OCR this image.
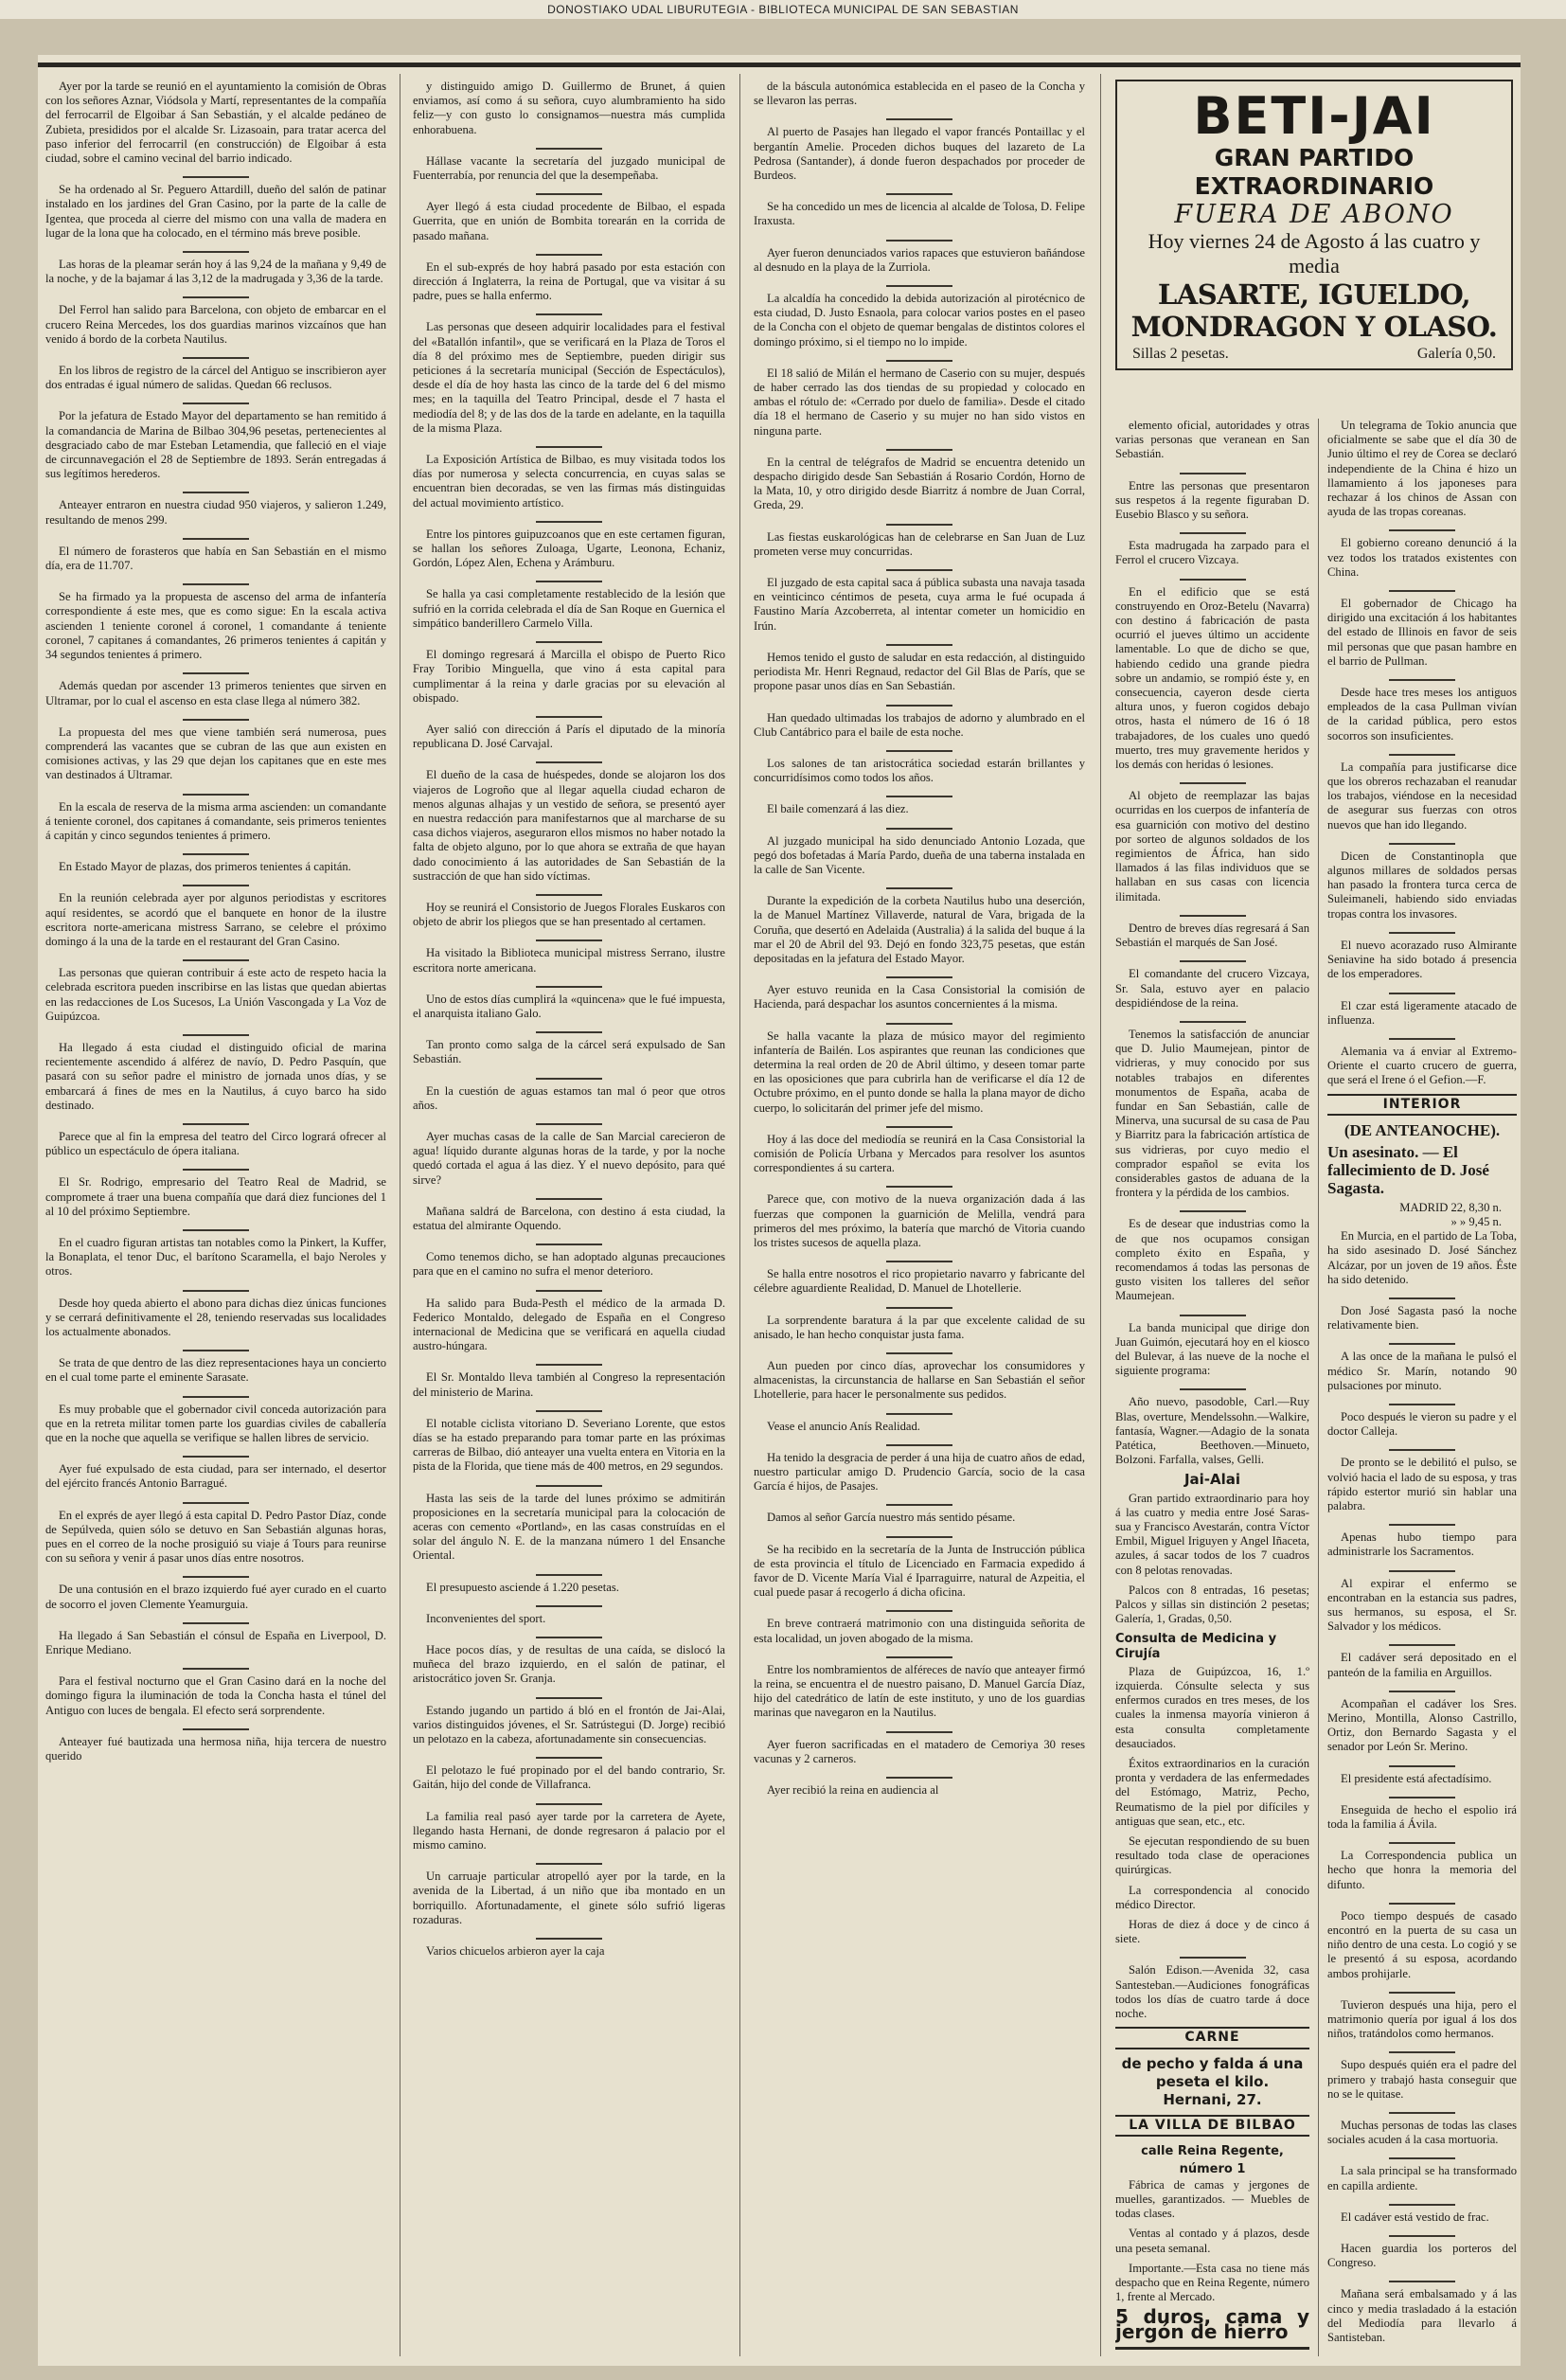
DONOSTIAKO UDAL LIBURUTEGIA - BIBLIOTECA MUNICIPAL DE SAN SEBASTIAN

Ayer por la tarde se reunió en el ayuntamiento la comisión de Obras con los señores Aznar, Viódsola y Martí, representantes de la compañía del ferrocarril de Elgoibar á San Sebastián, y el alcalde pedáneo de Zubieta, presididos por el alcalde Sr. Lizasoain, para tratar acerca del paso inferior del ferrocarril (en construcción) de Elgoibar á esta ciudad, sobre el camino vecinal del barrio indicado.

Se ha ordenado al Sr. Peguero Attardill, dueño del salón de patinar instalado en los jardines del Gran Casino, por la parte de la calle de Igentea, que proceda al cierre del mismo con una valla de madera en lugar de la lona que ha colocado, en el término más breve posible.

Las horas de la pleamar serán hoy á las 9,24 de la mañana y 9,49 de la noche, y de la bajamar á las 3,12 de la madrugada y 3,36 de la tarde.

Del Ferrol han salido para Barcelona, con objeto de embarcar en el crucero Reina Mercedes, los dos guardias marinos vizcaínos que han venido á bordo de la corbeta Nautilus.

En los libros de registro de la cárcel del Antiguo se inscribieron ayer dos entradas é igual número de salidas. Quedan 66 reclusos.

Por la jefatura de Estado Mayor del departamento se han remitido á la comandancia de Marina de Bilbao 304,96 pesetas, pertenecientes al desgraciado cabo de mar Esteban Letamendia, que falleció en el viaje de circunnavegación el 28 de Septiembre de 1893. Serán entregadas á sus legítimos herederos.

Anteayer entraron en nuestra ciudad 950 viajeros, y salieron 1.249, resultando de menos 299.

El número de forasteros que había en San Sebastián en el mismo día, era de 11.707.

Se ha firmado ya la propuesta de ascenso del arma de infantería correspondiente á este mes, que es como sigue: En la escala activa ascienden 1 teniente coronel á coronel, 1 comandante á teniente coronel, 7 capitanes á comandantes, 26 primeros tenientes á capitán y 34 segundos tenientes á primero.

Además quedan por ascender 13 primeros tenientes que sirven en Ultramar, por lo cual el ascenso en esta clase llega al número 382.

La propuesta del mes que viene también será numerosa, pues comprenderá las vacantes que se cubran de las que aun existen en comisiones activas, y las 29 que dejan los capitanes que en este mes van destinados á Ultramar.

En la escala de reserva de la misma arma ascienden: un comandante á teniente coronel, dos capitanes á comandante, seis primeros tenientes á capitán y cinco segundos tenientes á primero.

En Estado Mayor de plazas, dos primeros tenientes á capitán.

En la reunión celebrada ayer por algunos periodistas y escritores aquí residentes, se acordó que el banquete en honor de la ilustre escritora norte-americana mistress Sarrano, se celebre el próximo domingo á la una de la tarde en el restaurant del Gran Casino.

Las personas que quieran contribuir á este acto de respeto hacia la celebrada escritora pueden inscribirse en las listas que quedan abiertas en las redacciones de Los Sucesos, La Unión Vascongada y La Voz de Guipúzcoa.

Ha llegado á esta ciudad el distinguido oficial de marina recientemente ascendido á alférez de navío, D. Pedro Pasquín, que pasará con su señor padre el ministro de jornada unos días, y se embarcará á fines de mes en la Nautilus, á cuyo barco ha sido destinado.

Parece que al fin la empresa del teatro del Circo logrará ofrecer al público un espectáculo de ópera italiana.

El Sr. Rodrigo, empresario del Teatro Real de Madrid, se compromete á traer una buena compañía que dará diez funciones del 1 al 10 del próximo Septiembre.

En el cuadro figuran artistas tan notables como la Pinkert, la Kuffer, la Bonaplata, el tenor Duc, el barítono Scaramella, el bajo Neroles y otros.

Desde hoy queda abierto el abono para dichas diez únicas funciones y se cerrará definitivamente el 28, teniendo reservadas sus localidades los actualmente abonados.

Se trata de que dentro de las diez representaciones haya un concierto en el cual tome parte el eminente Sarasate.

Es muy probable que el gobernador civil conceda autorización para que en la retreta militar tomen parte los guardias civiles de caballería que en la noche que aquella se verifique se hallen libres de servicio.

Ayer fué expulsado de esta ciudad, para ser internado, el desertor del ejército francés Antonio Barragué.

En el exprés de ayer llegó á esta capital D. Pedro Pastor Díaz, conde de Sepúlveda, quien sólo se detuvo en San Sebastián algunas horas, pues en el correo de la noche prosiguió su viaje á Tours para reunirse con su señora y venir á pasar unos días entre nosotros.

De una contusión en el brazo izquierdo fué ayer curado en el cuarto de socorro el joven Clemente Yeamurguia.

Ha llegado á San Sebastián el cónsul de España en Liverpool, D. Enrique Mediano.

Para el festival nocturno que el Gran Casino dará en la noche del domingo figura la iluminación de toda la Concha hasta el túnel del Antiguo con luces de bengala. El efecto será sorprendente.

Anteayer fué bautizada una hermosa niña, hija tercera de nuestro querido

y distinguido amigo D. Guillermo de Brunet, á quien enviamos, así como á su señora, cuyo alumbramiento ha sido feliz—y con gusto lo consignamos—nuestra más cumplida enhorabuena.

Hállase vacante la secretaría del juzgado municipal de Fuenterrabía, por renuncia del que la desempeñaba.

Ayer llegó á esta ciudad procedente de Bilbao, el espada Guerrita, que en unión de Bombita torearán en la corrida de pasado mañana.

En el sub-exprés de hoy habrá pasado por esta estación con dirección á Inglaterra, la reina de Portugal, que va visitar á su padre, pues se halla enfermo.

Las personas que deseen adquirir localidades para el festival del «Batallón infantil», que se verificará en la Plaza de Toros el día 8 del próximo mes de Septiembre, pueden dirigir sus peticiones á la secretaría municipal (Sección de Espectáculos), desde el día de hoy hasta las cinco de la tarde del 6 del mismo mes; en la taquilla del Teatro Principal, desde el 7 hasta el mediodía del 8; y de las dos de la tarde en adelante, en la taquilla de la misma Plaza.

La Exposición Artística de Bilbao, es muy visitada todos los días por numerosa y selecta concurrencia, en cuyas salas se encuentran bien decoradas, se ven las firmas más distinguidas del actual movimiento artístico.

Entre los pintores guipuzcoanos que en este certamen figuran, se hallan los señores Zuloaga, Ugarte, Leonona, Echaniz, Gordón, López Alen, Echena y Arámburu.

Se halla ya casi completamente restablecido de la lesión que sufrió en la corrida celebrada el día de San Roque en Guernica el simpático banderillero Carmelo Villa.

El domingo regresará á Marcilla el obispo de Puerto Rico Fray Toribio Minguella, que vino á esta capital para cumplimentar á la reina y darle gracias por su elevación al obispado.

Ayer salió con dirección á París el diputado de la minoría republicana D. José Carvajal.

El dueño de la casa de huéspedes, donde se alojaron los dos viajeros de Logroño que al llegar aquella ciudad echaron de menos algunas alhajas y un vestido de señora, se presentó ayer en nuestra redacción para manifestarnos que al marcharse de su casa dichos viajeros, aseguraron ellos mismos no haber notado la falta de objeto alguno, por lo que ahora se extraña de que hayan dado conocimiento á las autoridades de San Sebastián de la sustracción de que han sido víctimas.

Hoy se reunirá el Consistorio de Juegos Florales Euskaros con objeto de abrir los pliegos que se han presentado al certamen.

Ha visitado la Biblioteca municipal mistress Serrano, ilustre escritora norte americana.

Uno de estos días cumplirá la «quincena» que le fué impuesta, el anarquista italiano Galo.

Tan pronto como salga de la cárcel será expulsado de San Sebastián.

En la cuestión de aguas estamos tan mal ó peor que otros años.

Ayer muchas casas de la calle de San Marcial carecieron de agua! líquido durante algunas horas de la tarde, y por la noche quedó cortada el agua á las diez. Y el nuevo depósito, para qué sirve?

Mañana saldrá de Barcelona, con destino á esta ciudad, la estatua del almirante Oquendo.

Como tenemos dicho, se han adoptado algunas precauciones para que en el camino no sufra el menor deterioro.

Ha salido para Buda-Pesth el médico de la armada D. Federico Montaldo, delegado de España en el Congreso internacional de Medicina que se verificará en aquella ciudad austro-húngara.

El Sr. Montaldo lleva también al Congreso la representación del ministerio de Marina.

El notable ciclista vitoriano D. Severiano Lorente, que estos días se ha estado preparando para tomar parte en las próximas carreras de Bilbao, dió anteayer una vuelta entera en Vitoria en la pista de la Florida, que tiene más de 400 metros, en 29 segundos.

Hasta las seis de la tarde del lunes próximo se admitirán proposiciones en la secretaría municipal para la colocación de aceras con cemento «Portland», en las casas construídas en el solar del ángulo N. E. de la manzana número 1 del Ensanche Oriental.

El presupuesto asciende á 1.220 pesetas.

Inconvenientes del sport.

Hace pocos días, y de resultas de una caída, se dislocó la muñeca del brazo izquierdo, en el salón de patinar, el aristocrático joven Sr. Granja.

Estando jugando un partido á bló en el frontón de Jai-Alai, varios distinguidos jóvenes, el Sr. Satrústegui (D. Jorge) recibió un pelotazo en la cabeza, afortunadamente sin consecuencias.

El pelotazo le fué propinado por el del bando contrario, Sr. Gaitán, hijo del conde de Villafranca.

La familia real pasó ayer tarde por la carretera de Ayete, llegando hasta Hernani, de donde regresaron á palacio por el mismo camino.

Un carruaje particular atropelló ayer por la tarde, en la avenida de la Libertad, á un niño que iba montado en un borriquillo. Afortunadamente, el ginete sólo sufrió ligeras rozaduras.

Varios chicuelos arbieron ayer la caja

de la báscula autonómica establecida en el paseo de la Concha y se llevaron las perras.

Al puerto de Pasajes han llegado el vapor francés Pontaillac y el bergantín Amelie. Proceden dichos buques del lazareto de La Pedrosa (Santander), á donde fueron despachados por proceder de Burdeos.

Se ha concedido un mes de licencia al alcalde de Tolosa, D. Felipe Iraxusta.

Ayer fueron denunciados varios rapaces que estuvieron bañándose al desnudo en la playa de la Zurriola.

La alcaldía ha concedido la debida autorización al pirotécnico de esta ciudad, D. Justo Esnaola, para colocar varios postes en el paseo de la Concha con el objeto de quemar bengalas de distintos colores el domingo próximo, si el tiempo no lo impide.

El 18 salió de Milán el hermano de Caserio con su mujer, después de haber cerrado las dos tiendas de su propiedad y colocado en ambas el rótulo de: «Cerrado por duelo de familia». Desde el citado día 18 el hermano de Caserio y su mujer no han sido vistos en ninguna parte.

En la central de telégrafos de Madrid se encuentra detenido un despacho dirigido desde San Sebastián á Rosario Cordón, Horno de la Mata, 10, y otro dirigido desde Biarritz á nombre de Juan Corral, Greda, 29.

Las fiestas euskarológicas han de celebrarse en San Juan de Luz prometen verse muy concurridas.

El juzgado de esta capital saca á pública subasta una navaja tasada en veinticinco céntimos de peseta, cuya arma le fué ocupada á Faustino María Azcoberreta, al intentar cometer un homicidio en Irún.

Hemos tenido el gusto de saludar en esta redacción, al distinguido periodista Mr. Henri Regnaud, redactor del Gil Blas de París, que se propone pasar unos días en San Sebastián.

Han quedado ultimadas los trabajos de adorno y alumbrado en el Club Cantábrico para el baile de esta noche.

Los salones de tan aristocrática sociedad estarán brillantes y concurridísimos como todos los años.

El baile comenzará á las diez.

Al juzgado municipal ha sido denunciado Antonio Lozada, que pegó dos bofetadas á María Pardo, dueña de una taberna instalada en la calle de San Vicente.

Durante la expedición de la corbeta Nautilus hubo una deserción, la de Manuel Martínez Villaverde, natural de Vara, brigada de la Coruña, que desertó en Adelaida (Australia) á la salida del buque á la mar el 20 de Abril del 93. Dejó en fondo 323,75 pesetas, que están depositadas en la jefatura del Estado Mayor.

Ayer estuvo reunida en la Casa Consistorial la comisión de Hacienda, pará despachar los asuntos concernientes á la misma.

Se halla vacante la plaza de músico mayor del regimiento infantería de Bailén. Los aspirantes que reunan las condiciones que determina la real orden de 20 de Abril último, y deseen tomar parte en las oposiciones que para cubrirla han de verificarse el día 12 de Octubre próximo, en el punto donde se halla la plana mayor de dicho cuerpo, lo solicitarán del primer jefe del mismo.

Hoy á las doce del mediodía se reunirá en la Casa Consistorial la comisión de Policía Urbana y Mercados para resolver los asuntos correspondientes á su cartera.

Parece que, con motivo de la nueva organización dada á las fuerzas que componen la guarnición de Melilla, vendrá para primeros del mes próximo, la batería que marchó de Vitoria cuando los tristes sucesos de aquella plaza.

Se halla entre nosotros el rico propietario navarro y fabricante del célebre aguardiente Realidad, D. Manuel de Lhotellerie.

La sorprendente baratura á la par que excelente calidad de su anisado, le han hecho conquistar justa fama.

Aun pueden por cinco días, aprovechar los consumidores y almacenistas, la circunstancia de hallarse en San Sebastián el señor Lhotellerie, para hacer le personalmente sus pedidos.

Vease el anuncio Anís Realidad.

Ha tenido la desgracia de perder á una hija de cuatro años de edad, nuestro particular amigo D. Prudencio García, socio de la casa García é hijos, de Pasajes.

Damos al señor García nuestro más sentido pésame.

Se ha recibido en la secretaría de la Junta de Instrucción pública de esta provincia el título de Licenciado en Farmacia expedido á favor de D. Vicente María Vial é Iparraguirre, natural de Azpeitia, el cual puede pasar á recogerlo á dicha oficina.

En breve contraerá matrimonio con una distinguida señorita de esta localidad, un joven abogado de la misma.

Entre los nombramientos de alféreces de navío que anteayer firmó la reina, se encuentra el de nuestro paisano, D. Manuel García Díaz, hijo del catedrático de latín de este instituto, y uno de los guardias marinas que navegaron en la Nautilus.

Ayer fueron sacrificadas en el matadero de Cemoriya 30 reses vacunas y 2 carneros.

Ayer recibió la reina en audiencia al

BETI-JAI
GRAN PARTIDO EXTRAORDINARIO
FUERA DE ABONO
Hoy viernes 24 de Agosto á las cuatro y media
LASARTE, IGUELDO, MONDRAGON Y OLASO.
Sillas 2 pesetas.	Galería 0,50.

elemento oficial, autoridades y otras varias personas que veranean en San Sebastián.

Entre las personas que presentaron sus respetos á la regente figuraban D. Eusebio Blasco y su señora.

Esta madrugada ha zarpado para el Ferrol el crucero Vizcaya.

En el edificio que se está construyendo en Oroz-Betelu (Navarra) con destino á fabricación de pasta ocurrió el jueves último un accidente lamentable. Lo que de dicho se que, habiendo cedido una grande piedra sobre un andamio, se rompió éste y, en consecuencia, cayeron desde cierta altura unos, y fueron cogidos debajo otros, hasta el número de 16 ó 18 trabajadores, de los cuales uno quedó muerto, tres muy gravemente heridos y los demás con heridas ó lesiones.

Al objeto de reemplazar las bajas ocurridas en los cuerpos de infantería de esa guarnición con motivo del destino por sorteo de algunos soldados de los regimientos de África, han sido llamados á las filas individuos que se hallaban en sus casas con licencia ilimitada.

Dentro de breves días regresará á San Sebastián el marqués de San José.

El comandante del crucero Vizcaya, Sr. Sala, estuvo ayer en palacio despidiéndose de la reina.

Tenemos la satisfacción de anunciar que D. Julio Maumejean, pintor de vidrieras, y muy conocido por sus notables trabajos en diferentes monumentos de España, acaba de fundar en San Sebastián, calle de Minerva, una sucursal de su casa de Pau y Biarritz para la fabricación artística de sus vidrieras, por cuyo medio el comprador español se evita los considerables gastos de aduana de la frontera y la pérdida de los cambios.

Es de desear que industrias como la de que nos ocupamos consigan completo éxito en España, y recomendamos á todas las personas de gusto visiten los talleres del señor Maumejean.

La banda municipal que dirige don Juan Guimón, ejecutará hoy en el kiosco del Bulevar, á las nueve de la noche el siguiente programa:

Año nuevo, pasodoble, Carl.—Ruy Blas, overture, Mendelssohn.—Walkire, fantasía, Wagner.—Adagio de la sonata Patética, Beethoven.—Minueto, Bolzoni. Farfalla, valses, Gelli.

Jai-Alai

Gran partido extraordinario para hoy á las cuatro y media entre José Saras-sua y Francisco Avestarán, contra Víctor Embil, Miguel Iriguyen y Angel Iñaceta, azules, á sacar todos de los 7 cuadros con 8 pelotas renovadas.

Palcos con 8 entradas, 16 pesetas; Palcos y sillas sin distinción 2 pesetas; Galería, 1, Gradas, 0,50.

Consulta de Medicina y Cirujía

Plaza de Guipúzcoa, 16, 1.º izquierda. Cónsulte selecta y sus enfermos curados en tres meses, de los cuales la inmensa mayoría vinieron á esta consulta completamente desauciados.

Éxitos extraordinarios en la curación pronta y verdadera de las enfermedades del Estómago, Matriz, Pecho, Reumatismo de la piel por difíciles y antiguas que sean, etc., etc.

Se ejecutan respondiendo de su buen resultado toda clase de operaciones quirúrgicas.

La correspondencia al conocido médico Director.

Horas de diez á doce y de cinco á siete.

Salón Edison.—Avenida 32, casa Santesteban.—Audiciones fonográficas todos los días de cuatro tarde á doce noche.

CARNE
de pecho y falda á una peseta el kilo.
Hernani, 27.
LA VILLA DE BILBAO
calle Reina Regente, número 1

Fábrica de camas y jergones de muelles, garantizados. — Muebles de todas clases.

Ventas al contado y á plazos, desde una peseta semanal.

Importante.—Esta casa no tiene más despacho que en Reina Regente, número 1, frente al Mercado.

5 duros, cama y jergón de hierro

Un telegrama de Tokio anuncia que oficialmente se sabe que el día 30 de Junio último el rey de Corea se declaró independiente de la China é hizo un llamamiento á los japoneses para rechazar á los chinos de Assan con ayuda de las tropas coreanas.

El gobierno coreano denunció á la vez todos los tratados existentes con China.

El gobernador de Chicago ha dirigido una excitación á los habitantes del estado de Illinois en favor de seis mil personas que que pasan hambre en el barrio de Pullman.

Desde hace tres meses los antiguos empleados de la casa Pullman vivían de la caridad pública, pero estos socorros son insuficientes.

La compañía para justificarse dice que los obreros rechazaban el reanudar los trabajos, viéndose en la necesidad de asegurar sus fuerzas con otros nuevos que han ido llegando.

Dicen de Constantinopla que algunos millares de soldados persas han pasado la frontera turca cerca de Suleimaneli, habiendo sido enviadas tropas contra los invasores.

El nuevo acorazado ruso Almirante Seniavine ha sido botado á presencia de los emperadores.

El czar está ligeramente atacado de influenza.

Alemania va á enviar al Extremo-Oriente el cuarto crucero de guerra, que será el Irene ó el Gefion.—F.

INTERIOR
(DE ANTEANOCHE).
Un asesinato. — El fallecimiento de D. José Sagasta.
MADRID 22, 8,30 n.
» » 9,45 n.

En Murcia, en el partido de La Toba, ha sido asesinado D. José Sánchez Alcázar, por un joven de 19 años. Éste ha sido detenido.

Don José Sagasta pasó la noche relativamente bien.

A las once de la mañana le pulsó el médico Sr. Marín, notando 90 pulsaciones por minuto.

Poco después le vieron su padre y el doctor Calleja.

De pronto se le debilitó el pulso, se volvió hacia el lado de su esposa, y tras rápido estertor murió sin hablar una palabra.

Apenas hubo tiempo para administrarle los Sacramentos.

Al expirar el enfermo se encontraban en la estancia sus padres, sus hermanos, su esposa, el Sr. Salvador y los médicos.

El cadáver será depositado en el panteón de la familia en Arguillos.

Acompañan el cadáver los Sres. Merino, Montilla, Alonso Castrillo, Ortiz, don Bernardo Sagasta y el senador por León Sr. Merino.

El presidente está afectadísimo.

Enseguida de hecho el espolio irá toda la familia á Ávila.

La Correspondencia publica un hecho que honra la memoria del difunto.

Poco tiempo después de casado encontró en la puerta de su casa un niño dentro de una cesta. Lo cogió y se le presentó á su esposa, acordando ambos prohijarle.

Tuvieron después una hija, pero el matrimonio quería por igual á los dos niños, tratándolos como hermanos.

Supo después quién era el padre del primero y trabajó hasta conseguir que no se le quitase.

Muchas personas de todas las clases sociales acuden á la casa mortuoria.

La sala principal se ha transformado en capilla ardiente.

El cadáver está vestido de frac.

Hacen guardia los porteros del Congreso.

Mañana será embalsamado y á las cinco y media trasladado á la estación del Mediodía para llevarlo á Santisteban.
